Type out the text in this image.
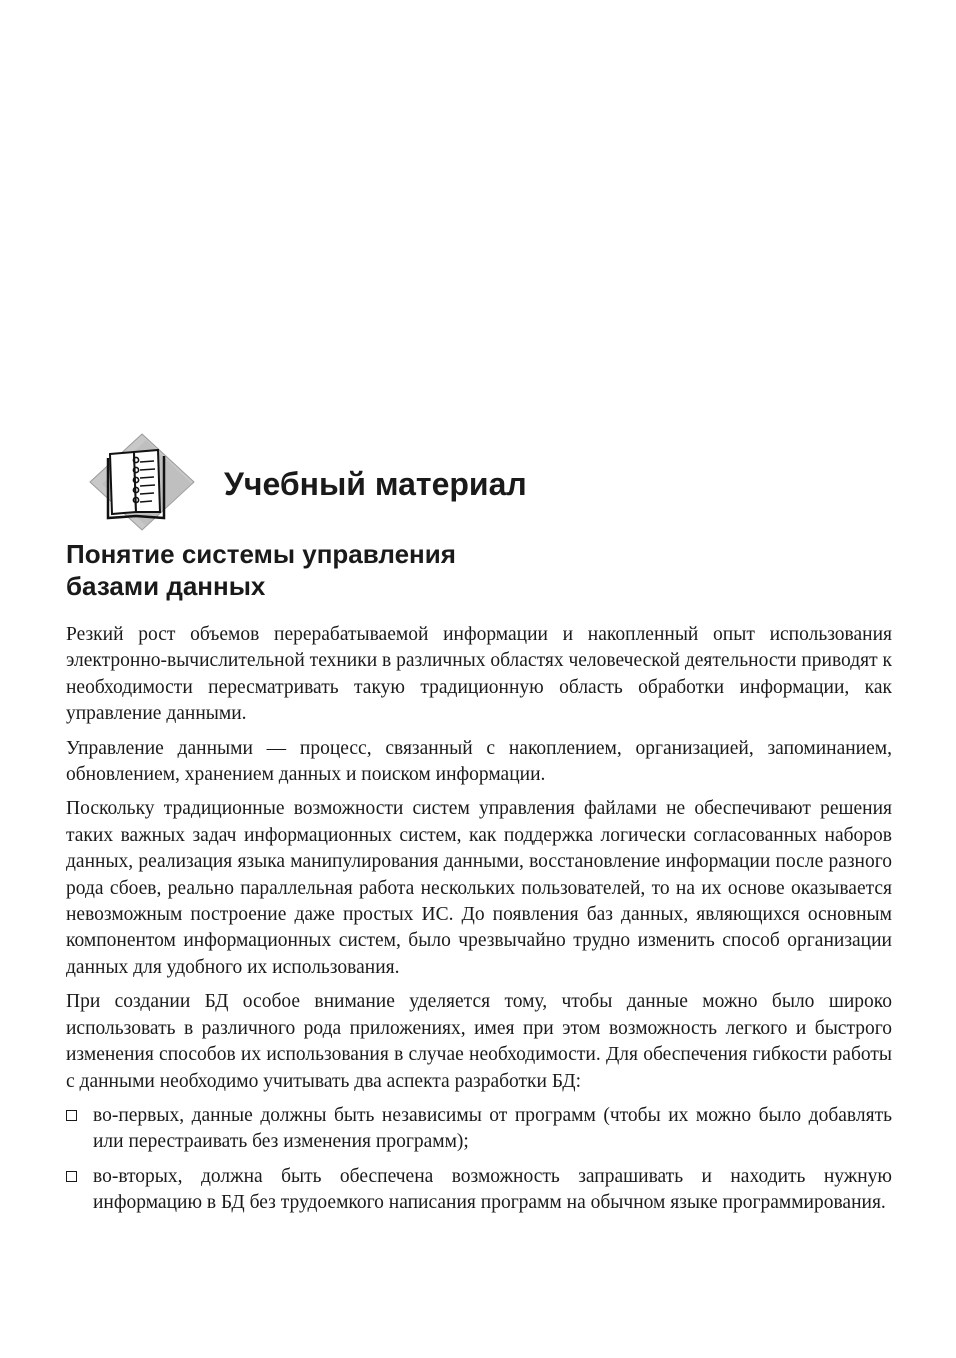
Учебный материал
Понятие системы управления
базами данных

Резкий рост объемов перерабатываемой информации и накопленный опыт использования электронно-вычислительной техники в различных областях человеческой деятельности приводят к необходимости пересматривать такую традиционную область обработки информации, как управление данными.

Управление данными — процесс, связанный с накоплением, организацией, запоминанием, обновлением, хранением данных и поиском информации.

Поскольку традиционные возможности систем управления файлами не обеспечивают решения таких важных задач информационных систем, как поддержка логически согласованных наборов данных, реализация языка манипулирования данными, восстановление информации после разного рода сбоев, реально параллельная работа нескольких пользователей, то на их основе оказывается невозможным построение даже простых ИС. До появления баз данных, являющихся основным компонентом информационных систем, было чрезвычайно трудно изменить способ организации данных для удобного их использования.

При создании БД особое внимание уделяется тому, чтобы данные можно было широко использовать в различного рода приложениях, имея при этом возможность легкого и быстрого изменения способов их использования в случае необходимости. Для обеспечения гибкости работы с данными необходимо учитывать два аспекта разработки БД:

во-первых, данные должны быть независимы от программ (чтобы их можно было добавлять или перестраивать без изменения программ);
во-вторых, должна быть обеспечена возможность запрашивать и находить нужную информацию в БД без трудоемкого написания программ на обычном языке программирования.
